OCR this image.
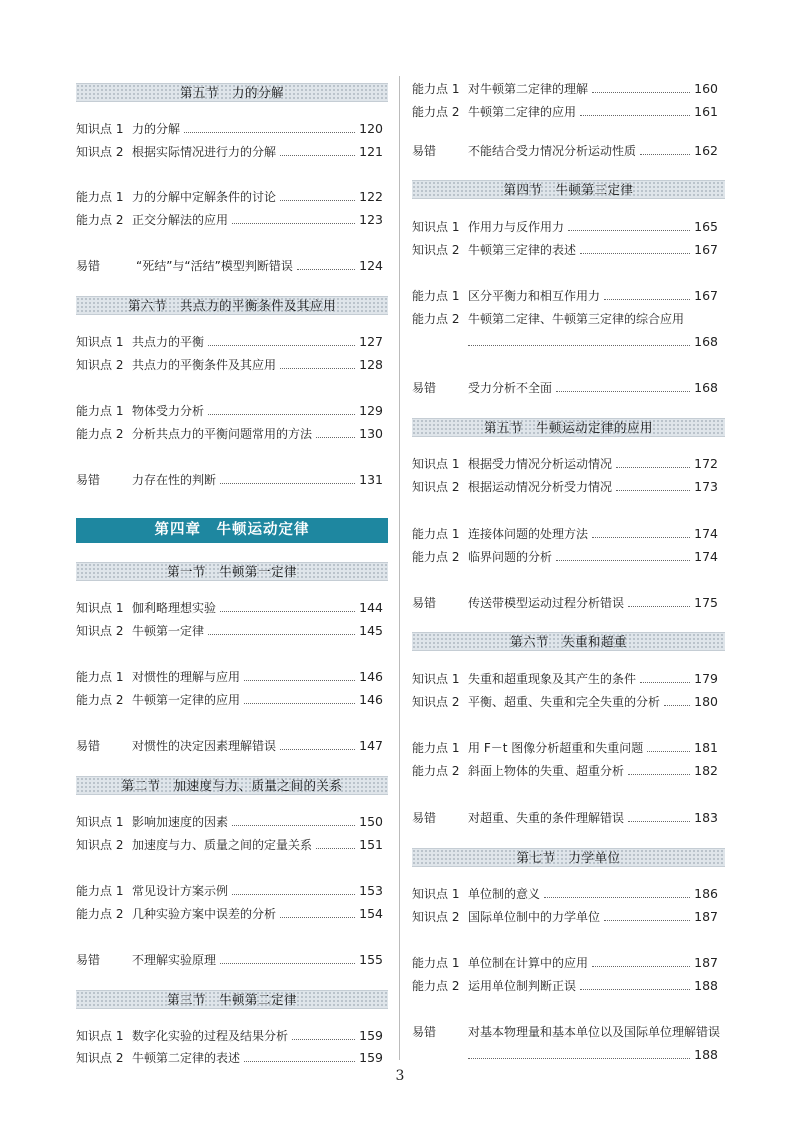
第五节　力的分解
知识点 1 力的分解	120
知识点 2 根据实际情况进行力的分解	121
能力点 1 力的分解中定解条件的讨论	122
能力点 2 正交分解法的应用	123
易错	“死结”与“活结”模型判断错误	124
第六节　共点力的平衡条件及其应用
知识点 1 共点力的平衡	127
知识点 2 共点力的平衡条件及其应用	128
能力点 1 物体受力分析	129
能力点 2 分析共点力的平衡问题常用的方法	130
易错	力存在性的判断	131
第四章　牛顿运动定律
第一节　牛顿第一定律
知识点 1 伽利略理想实验	144
知识点 2 牛顿第一定律	145
能力点 1 对惯性的理解与应用	146
能力点 2 牛顿第一定律的应用	146
易错	对惯性的决定因素理解错误	147
第二节　加速度与力、质量之间的关系
知识点 1 影响加速度的因素	150
知识点 2 加速度与力、质量之间的定量关系	151
能力点 1 常见设计方案示例	153
能力点 2 几种实验方案中误差的分析	154
易错	不理解实验原理	155
第三节　牛顿第二定律
知识点 1 数字化实验的过程及结果分析	159
知识点 2 牛顿第二定律的表述	159
能力点 1 对牛顿第二定律的理解	160
能力点 2 牛顿第二定律的应用	161
易错	不能结合受力情况分析运动性质	162
第四节　牛顿第三定律
知识点 1 作用力与反作用力	165
知识点 2 牛顿第三定律的表述	167
能力点 1 区分平衡力和相互作用力	167
能力点 2 牛顿第二定律、牛顿第三定律的综合应用
168
易错	受力分析不全面	168
第五节　牛顿运动定律的应用
知识点 1 根据受力情况分析运动情况	172
知识点 2 根据运动情况分析受力情况	173
能力点 1 连接体问题的处理方法	174
能力点 2 临界问题的分析	174
易错	传送带模型运动过程分析错误	175
第六节　失重和超重
知识点 1 失重和超重现象及其产生的条件	179
知识点 2 平衡、超重、失重和完全失重的分析	180
能力点 1 用 F－t 图像分析超重和失重问题	181
能力点 2 斜面上物体的失重、超重分析	182
易错	对超重、失重的条件理解错误	183
第七节　力学单位
知识点 1 单位制的意义	186
知识点 2 国际单位制中的力学单位	187
能力点 1 单位制在计算中的应用	187
能力点 2 运用单位制判断正误	188
易错	对基本物理量和基本单位以及国际单位理解错误
188
3
